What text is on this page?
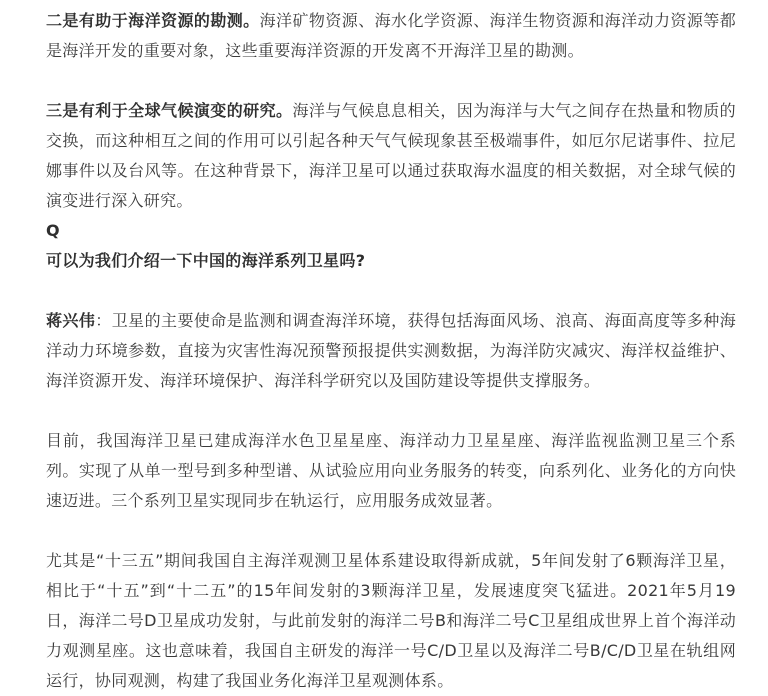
二是有助于海洋资源的勘测。海洋矿物资源、海水化学资源、海洋生物资源和海洋动力资源等都是海洋开发的重要对象，这些重要海洋资源的开发离不开海洋卫星的勘测。

三是有利于全球气候演变的研究。海洋与气候息息相关，因为海洋与大气之间存在热量和物质的交换，而这种相互之间的作用可以引起各种天气气候现象甚至极端事件，如厄尔尼诺事件、拉尼娜事件以及台风等。在这种背景下，海洋卫星可以通过获取海水温度的相关数据，对全球气候的演变进行深入研究。

Q

可以为我们介绍一下中国的海洋系列卫星吗?

蒋兴伟：卫星的主要使命是监测和调查海洋环境，获得包括海面风场、浪高、海面高度等多种海洋动力环境参数，直接为灾害性海况预警预报提供实测数据，为海洋防灾减灾、海洋权益维护、海洋资源开发、海洋环境保护、海洋科学研究以及国防建设等提供支撑服务。

目前，我国海洋卫星已建成海洋水色卫星星座、海洋动力卫星星座、海洋监视监测卫星三个系列。实现了从单一型号到多种型谱、从试验应用向业务服务的转变，向系列化、业务化的方向快速迈进。三个系列卫星实现同步在轨运行，应用服务成效显著。

尤其是“十三五”期间我国自主海洋观测卫星体系建设取得新成就，5年间发射了6颗海洋卫星，相比于“十五”到“十二五”的15年间发射的3颗海洋卫星，发展速度突飞猛进。2021年5月19日，海洋二号D卫星成功发射，与此前发射的海洋二号B和海洋二号C卫星组成世界上首个海洋动力观测星座。这也意味着，我国自主研发的海洋一号C/D卫星以及海洋二号B/C/D卫星在轨组网运行，协同观测，构建了我国业务化海洋卫星观测体系。
